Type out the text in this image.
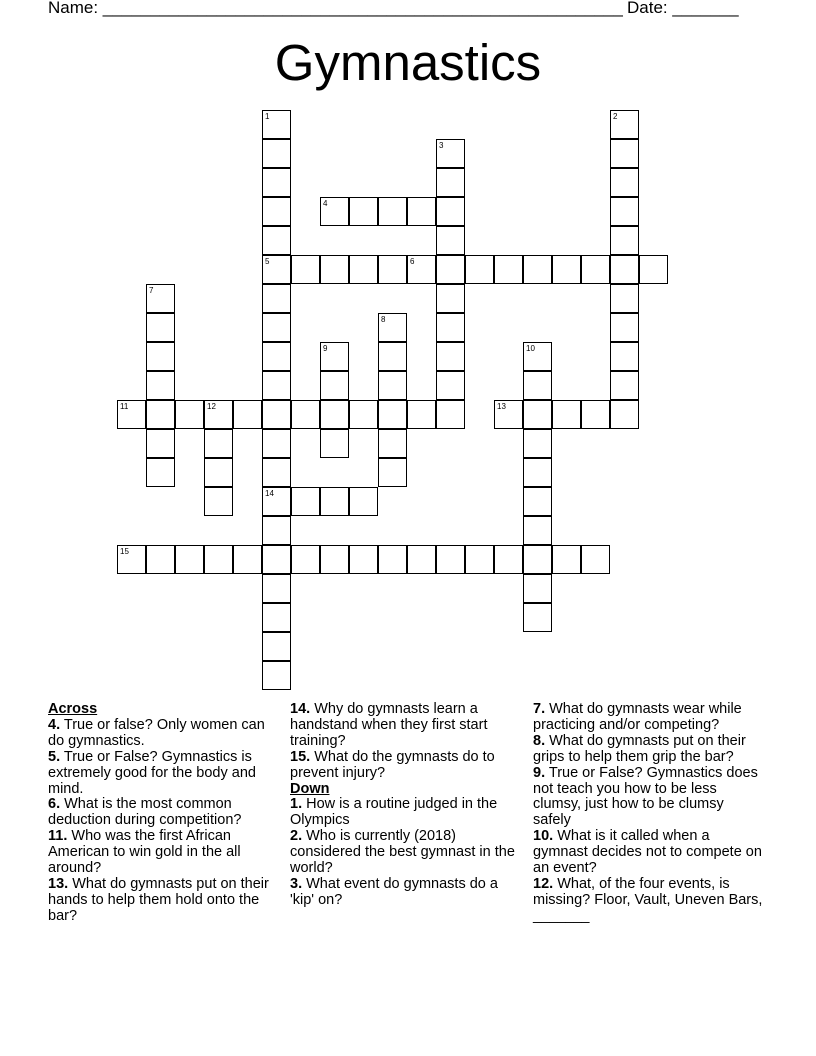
Name: _______________________________________________________ Date: _______
Gymnastics
4
5	6
11	12	13
14
15
1	2
3
7
8
9	10
Across
4. True or false? Only women can do gymnastics.
5. True or False? Gymnastics is extremely good for the body and mind.
6. What is the most common deduction during competition?
11. Who was the first African American to win gold in the all around?
13. What do gymnasts put on their hands to help them hold onto the bar?
14. Why do gymnasts learn a handstand when they first start training?
15. What do the gymnasts do to prevent injury?
Down
1. How is a routine judged in the Olympics
2. Who is currently (2018) considered the best gymnast in the world?
3. What event do gymnasts do a 'kip' on?
7. What do gymnasts wear while practicing and/or competing?
8. What do gymnasts put on their grips to help them grip the bar?
9. True or False? Gymnastics does not teach you how to be less clumsy, just how to be clumsy safely
10. What is it called when a gymnast decides not to compete on an event?
12. What, of the four events, is missing? Floor, Vault, Uneven Bars, _______
